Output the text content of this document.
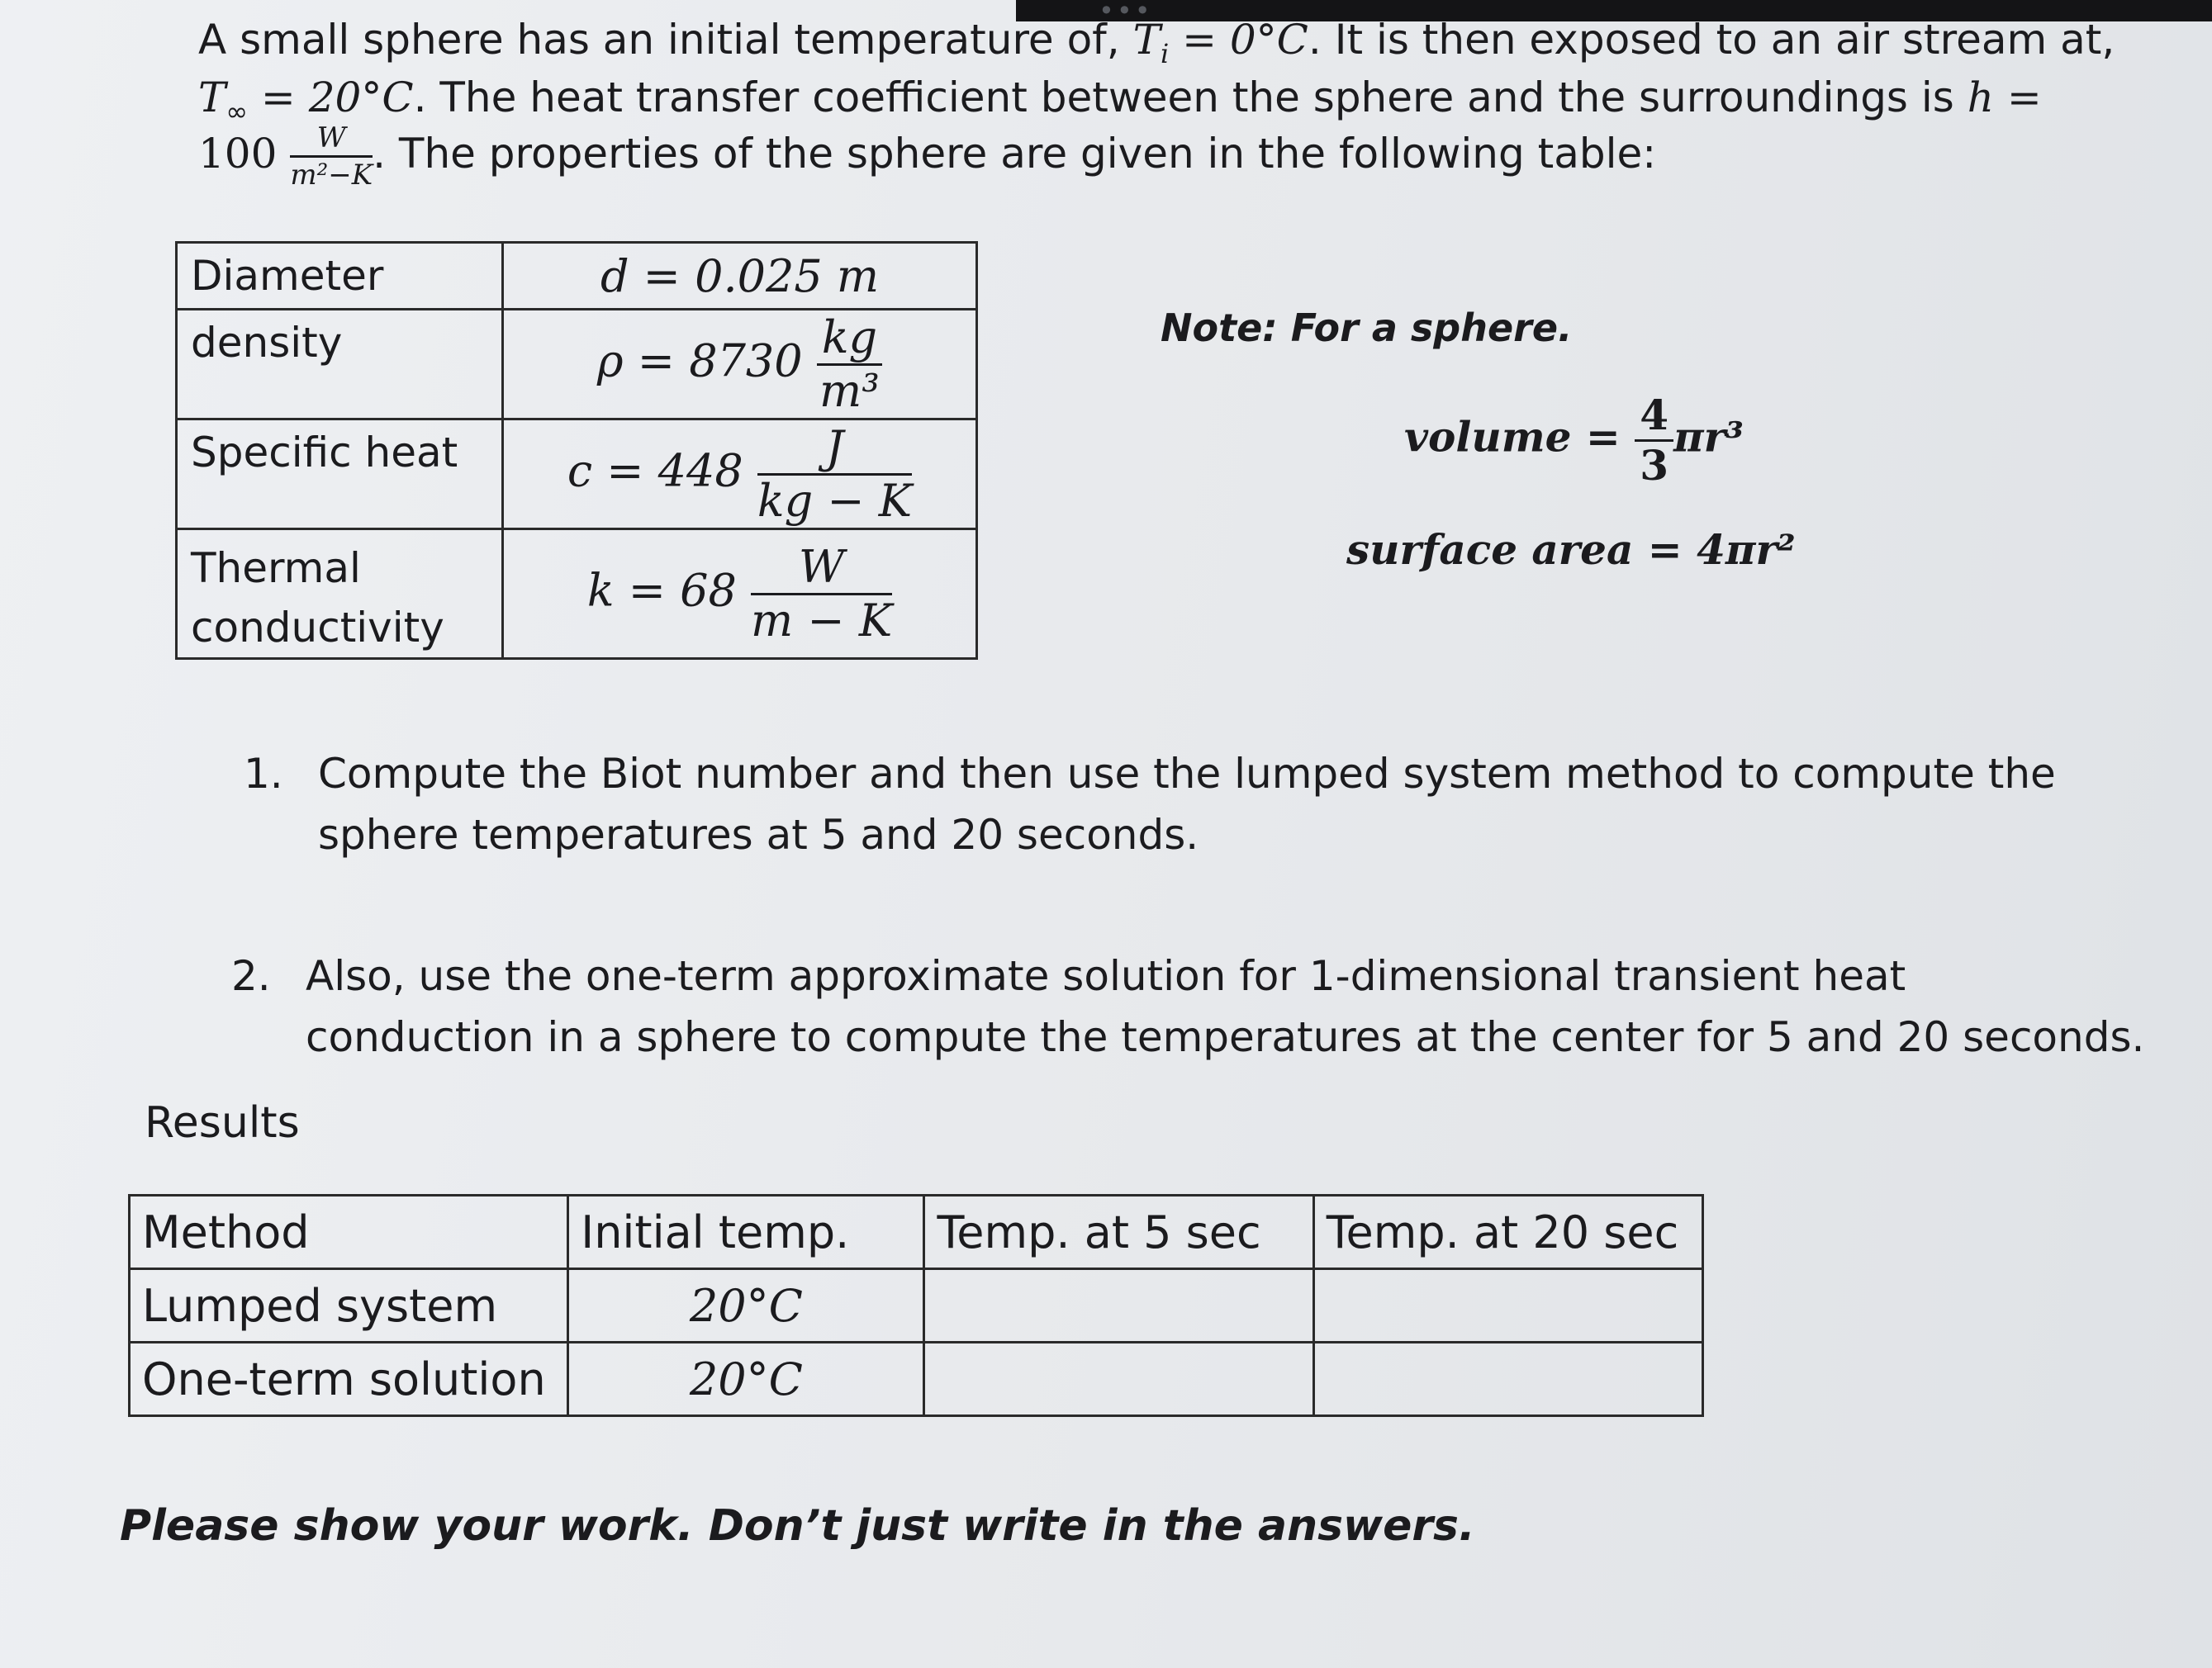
•••
A small sphere has an initial temperature of, $T_i = 0^\circ C$. It is then exposed to an air stream at,
$T_\infty = 20^\circ C$. The heat transfer coefficient between the sphere and the surroundings is h =
$100 \frac{W}{\text{m²−K}}$ . The properties of the sphere are given in the following table:
Diameter	d = 0.025 m
density	$\rho = 8730 \frac{kg}{\text{m³}}$

Specific heat	$c = 448 \frac{J}{kg - K}$

Thermal conductivity	$k = 68 \frac{W}{m - K}$
Note: For a sphere.
volume = $\frac{4}{3} \pi r^3$
surface area = 4πr²
1. Compute the Biot number and then use the lumped system method to compute the
sphere temperatures at 5 and 20 seconds.
2. Also, use the one-term approximate solution for 1-dimensional transient heat
conduction in a sphere to compute the temperatures at the center for 5 and 20 seconds.
Results
Method	Initial temp.	Temp. at 5 sec	Temp. at 20 sec
Lumped system	20°C		
One-term solution	20°C		
Please show your work. Don’t just write in the answers.
